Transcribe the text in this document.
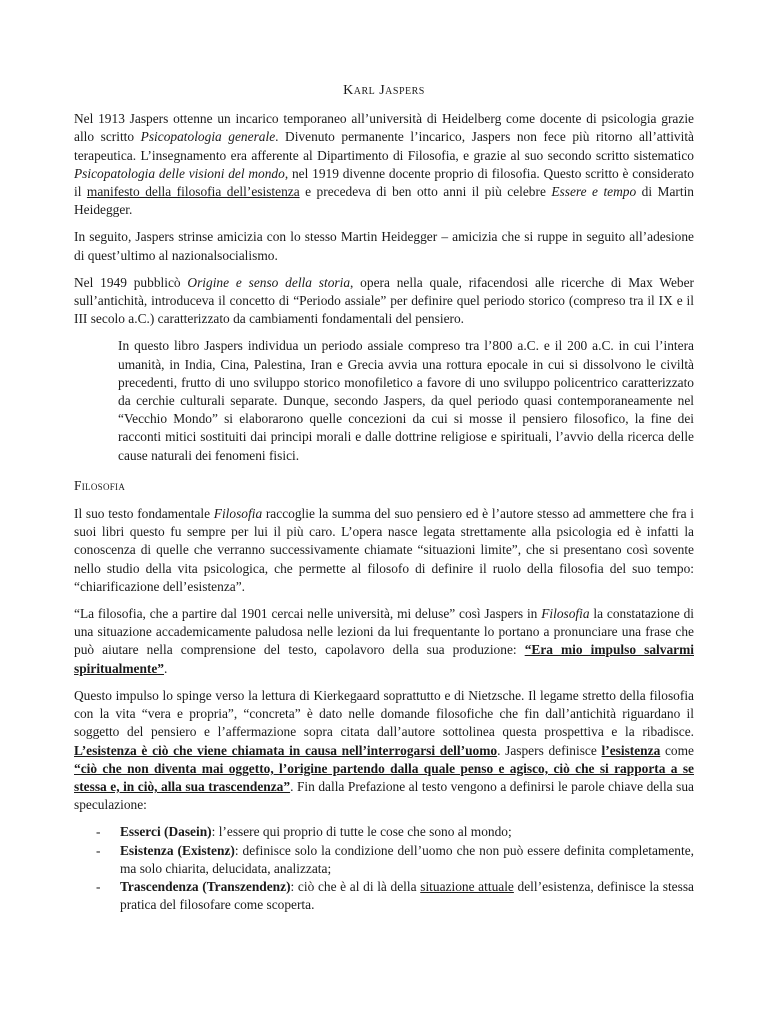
Karl Jaspers

Nel 1913 Jaspers ottenne un incarico temporaneo all’università di Heidelberg come docente di psicologia grazie allo scritto Psicopatologia generale. Divenuto permanente l’incarico, Jaspers non fece più ritorno all’attività terapeutica. L’insegnamento era afferente al Dipartimento di Filosofia, e grazie al suo secondo scritto sistematico Psicopatologia delle visioni del mondo, nel 1919 divenne docente proprio di filosofia. Questo scritto è considerato il manifesto della filosofia dell’esistenza e precedeva di ben otto anni il più celebre Essere e tempo di Martin Heidegger.

In seguito, Jaspers strinse amicizia con lo stesso Martin Heidegger – amicizia che si ruppe in seguito all’adesione di quest’ultimo al nazionalsocialismo.

Nel 1949 pubblicò Origine e senso della storia, opera nella quale, rifacendosi alle ricerche di Max Weber sull’antichità, introduceva il concetto di “Periodo assiale” per definire quel periodo storico (compreso tra il IX e il III secolo a.C.) caratterizzato da cambiamenti fondamentali del pensiero.

In questo libro Jaspers individua un periodo assiale compreso tra l’800 a.C. e il 200 a.C. in cui l’intera umanità, in India, Cina, Palestina, Iran e Grecia avvia una rottura epocale in cui si dissolvono le civiltà precedenti, frutto di uno sviluppo storico monofiletico a favore di uno sviluppo policentrico caratterizzato da cerchie culturali separate. Dunque, secondo Jaspers, da quel periodo quasi contemporaneamente nel “Vecchio Mondo” si elaborarono quelle concezioni da cui si mosse il pensiero filosofico, la fine dei racconti mitici sostituiti dai principi morali e dalle dottrine religiose e spirituali, l’avvio della ricerca delle cause naturali dei fenomeni fisici.
Filosofia

Il suo testo fondamentale Filosofia raccoglie la summa del suo pensiero ed è l’autore stesso ad ammettere che fra i suoi libri questo fu sempre per lui il più caro. L’opera nasce legata strettamente alla psicologia ed è infatti la conoscenza di quelle che verranno successivamente chiamate “situazioni limite”, che si presentano così sovente nello studio della vita psicologica, che permette al filosofo di definire il ruolo della filosofia del suo tempo: “chiarificazione dell’esistenza”.

“La filosofia, che a partire dal 1901 cercai nelle università, mi deluse” così Jaspers in Filosofia la constatazione di una situazione accademicamente paludosa nelle lezioni da lui frequentante lo portano a pronunciare una frase che può aiutare nella comprensione del testo, capolavoro della sua produzione: “Era mio impulso salvarmi spiritualmente”.

Questo impulso lo spinge verso la lettura di Kierkegaard soprattutto e di Nietzsche. Il legame stretto della filosofia con la vita “vera e propria”, “concreta” è dato nelle domande filosofiche che fin dall’antichità riguardano il soggetto del pensiero e l’affermazione sopra citata dall’autore sottolinea questa prospettiva e la ribadisce. L’esistenza è ciò che viene chiamata in causa nell’interrogarsi dell’uomo. Jaspers definisce l’esistenza come “ciò che non diventa mai oggetto, l’origine partendo dalla quale penso e agisco, ciò che si rapporta a se stessa e, in ciò, alla sua trascendenza”. Fin dalla Prefazione al testo vengono a definirsi le parole chiave della sua speculazione:

- Esserci (Dasein): l’essere qui proprio di tutte le cose che sono al mondo;
- Esistenza (Existenz): definisce solo la condizione dell’uomo che non può essere definita completamente, ma solo chiarita, delucidata, analizzata;
- Trascendenza (Transzendenz): ciò che è al di là della situazione attuale dell’esistenza, definisce la stessa pratica del filosofare come scoperta.
